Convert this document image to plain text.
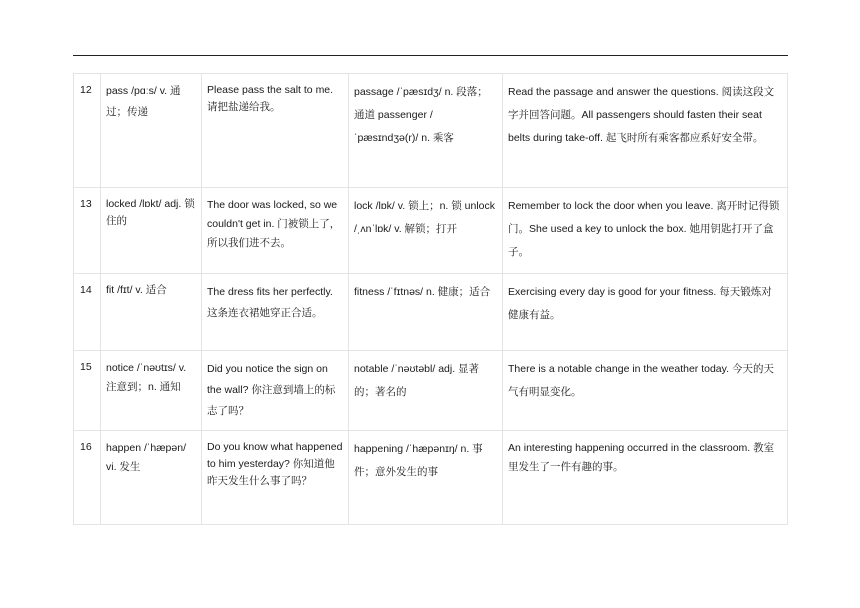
12	pass /pɑːs/ v. 通过；传递	Please pass the salt to me. 请把盐递给我。	passage /ˈpæsɪdʒ/ n. 段落；通道 passenger /ˈpæsɪndʒə(r)/ n. 乘客	Read the passage and answer the questions. 阅读这段文字并回答问题。All passengers should fasten their seat belts during take-off. 起飞时所有乘客都应系好安全带。
13	locked /lɒkt/ adj. 锁住的	The door was locked, so we couldn't get in. 门被锁上了，所以我们进不去。	lock /lɒk/ v. 锁上；n. 锁 unlock /ˌʌnˈlɒk/ v. 解锁；打开	Remember to lock the door when you leave. 离开时记得锁门。She used a key to unlock the box. 她用钥匙打开了盒子。
14	fit /fɪt/ v. 适合	The dress fits her perfectly. 这条连衣裙她穿正合适。	fitness /ˈfɪtnəs/ n. 健康；适合	Exercising every day is good for your fitness. 每天锻炼对健康有益。
15	notice /ˈnəʊtɪs/ v. 注意到；n. 通知	Did you notice the sign on the wall? 你注意到墙上的标志了吗？	notable /ˈnəʊtəbl/ adj. 显著的；著名的	There is a notable change in the weather today. 今天的天气有明显变化。
16	happen /ˈhæpən/ vi. 发生	Do you know what happened to him yesterday? 你知道他昨天发生什么事了吗？	happening /ˈhæpənɪŋ/ n. 事件；意外发生的事	An interesting happening occurred in the classroom. 教室里发生了一件有趣的事。
